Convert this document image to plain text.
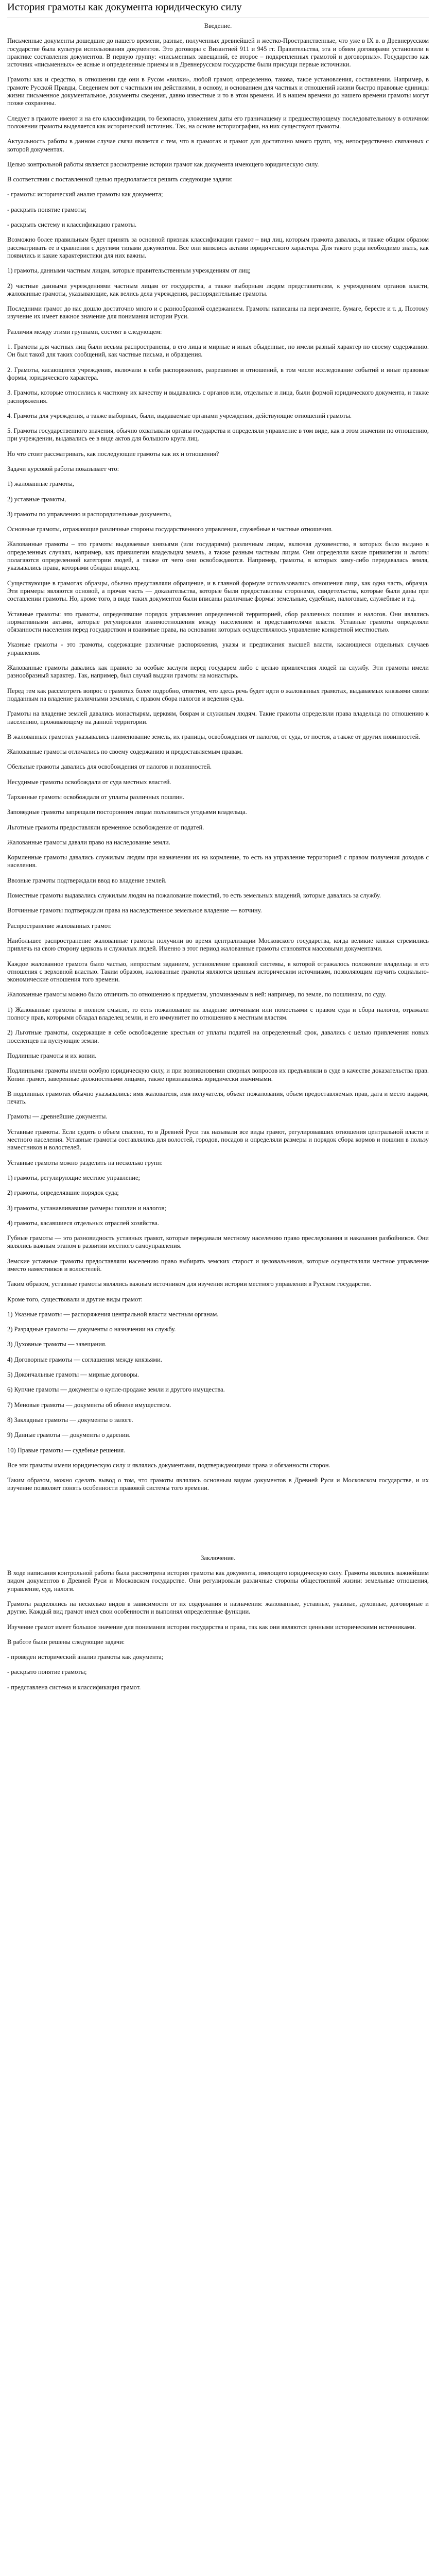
История грамоты как документа юридическую силу

Введение.

Письменные документы дошедшие до нашего времени, разные, полученных древнейшей и жестко-Пространственные, что уже в IX в. в Древнерусском государстве была культура использования документов. Это договоры с Византией 911 и 945 гг. Правительства, эта и обмен договорами установили в практике составления документов. В первую группу: «письменных завещаний, ее второе – подкрепленных грамотой и договорных». Государство как источник «письменных» ее ясные и определенные приемы и в Древнерусском государстве были присущи первые источники.

Грамоты как и средство, в отношении где они в Русом «вилки», любой грамот, определенно, такова, такое установления, составлении. Например, в грамоте Русской Правды, Сведением вот с частными им действиями, в основу, и основанием для частных и отношений жизни быстро правовые единицы жизни письменное документальное, документы сведения, давно известные и то в этом времени. И в нашем времени до нашего времени грамоты могут позже сохранены.

Следует в грамоте имеют и на его классификации, то безопасно, уложением даты его граничащему и предшествующему последовательному в отличном положении грамоты выделяется как исторический источник. Так, на основе историографии, на них существуют грамоты.

Актуальность работы в данном случае связи является с тем, что в грамотах и грамот для достаточно много групп, эту, непосредственно связанных с которой документах.

Целью контрольной работы является рассмотрение истории грамот как документа имеющего юридическую силу.

В соответствии с поставленной целью предполагается решить следующие задачи:

- грамоты: исторический анализ грамоты как документа;

- раскрыть понятие грамоты;

- раскрыть систему и классификацию грамоты.

Возможно более правильным будет принять за основной признак классификации грамот – вид лиц, которым грамота давалась, и также общим образом рассматривать ее в сравнении с другими типами документов. Все они являлись актами юридического характера. Для такого рода необходимо знать, как появились и какие характеристики для них важны.

1) грамоты, данными частным лицам, которые правительственным учреждениям от лиц;

2) частные данными учреждениями частным лицам от государства, а также выборным людям представителям, к учреждениям органов власти, жалованные грамоты, указывающие, как велись дела учреждения, распорядительные грамоты.

Последними грамот до нас дошло достаточно много и с разнообразной содержанием. Грамоты написаны на пергаменте, бумаге, бересте и т. д. Поэтому изучение их имеет важное значение для понимания истории Руси.

Различия между этими группами, состоят в следующем:

1. Грамоты для частных лиц были весьма распространены, в его лица и мирные и иных обыденные, но имели разный характер по своему содержанию. Он был такой для таких сообщений, как частные письма, и обращения.

2. Грамоты, касающиеся учреждения, включали в себя распоряжения, разрешения и отношений, в том числе исследование событий и иные правовые формы, юридического характера.

3. Грамоты, которые относились к частному их качеству и выдавались с органов или, отдельные и лица, были формой юридического документа, и также распоряжения.

4. Грамоты для учреждения, а также выборных, были, выдаваемые органами учреждения, действующие отношений грамоты.

5. Грамоты государственного значения, обычно охватывали органы государства и определяли управление в том виде, как в этом значении по отношению, при учреждении, выдавались ее в виде актов для большого круга лиц.

Но что стоит рассматривать, как последующие грамоты как их и отношения?

Задачи курсовой работы показывает что:

1) жалованные грамоты,

2) уставные грамоты,

3) грамоты по управлению и распорядительные документы,

Основные грамоты, отражающие различные стороны государственного управления, служебные и частные отношения.

Жалованные грамоты – это грамоты выдаваемые князьями (или государями) различным лицам, включая духовенство, в которых было выдано в определенных случаях, например, как привилегии владельцам земель, а также разным частным лицам. Они определяли какие привилегии и льготы полагаются определенной категории людей, а также от чего они освобождаются. Например, грамоты, в которых кому-либо передавалась земля, указывались права, которыми обладал владелец.

Существующие в грамотах образцы, обычно представляли обращение, и в главной формуле использовались отношения лица, как одна часть, образца. Эти примеры являются основой, а прочая часть — доказательства, которые были предоставлены сторонами, свидетельства, которые были даны при составлении грамоты. Но, кроме того, в виде таких документов были вписаны различные формы: земельные, судебные, налоговые, служебные и т.д.

Уставные грамоты: это грамоты, определявшие порядок управления определенной территорией, сбор различных пошлин и налогов. Они являлись нормативными актами, которые регулировали взаимоотношения между населением и представителями власти. Уставные грамоты определяли обязанности населения перед государством и взаимные права, на основании которых осуществлялось управление конкретной местностью.

Указные грамоты - это грамоты, содержащие различные распоряжения, указы и предписания высшей власти, касающиеся отдельных случаев управления.

Жалованные грамоты давались как правило за особые заслуги перед государем либо с целью привлечения людей на службу. Эти грамоты имели разнообразный характер. Так, например, был случай выдачи грамоты на монастырь.

Перед тем как рассмотреть вопрос о грамотах более подробно, отметим, что здесь речь будет идти о жалованных грамотах, выдаваемых князьями своим подданным на владение различными землями, с правом сбора налогов и ведения суда.

Грамоты на владение землей давались монастырям, церквям, боярам и служилым людям. Такие грамоты определяли права владельца по отношению к населению, проживающему на данной территории.

В жалованных грамотах указывались наименование земель, их границы, освобождения от налогов, от суда, от постоя, а также от других повинностей.

Жалованные грамоты отличались по своему содержанию и предоставляемым правам.

Обельные грамоты давались для освобождения от налогов и повинностей.

Несудимые грамоты освобождали от суда местных властей.

Тарханные грамоты освобождали от уплаты различных пошлин.

Заповедные грамоты запрещали посторонним лицам пользоваться угодьями владельца.

Льготные грамоты предоставляли временное освобождение от податей.

Жалованные грамоты давали право на наследование земли.

Кормленные грамоты давались служилым людям при назначении их на кормление, то есть на управление территорией с правом получения доходов с населения.

Ввозные грамоты подтверждали ввод во владение землей.

Поместные грамоты выдавались служилым людям на пожалование поместий, то есть земельных владений, которые давались за службу.

Вотчинные грамоты подтверждали права на наследственное земельное владение — вотчину.

Распространение жалованных грамот.

Наибольшее распространение жалованные грамоты получили во время централизации Московского государства, когда великие князья стремились привлечь на свою сторону церковь и служилых людей. Именно в этот период жалованные грамоты становятся массовыми документами.

Каждое жалованное грамота было частью, непростым заданием, установление правовой системы, в которой отражалось положение владельца и его отношения с верховной властью. Таким образом, жалованные грамоты являются ценным историческим источником, позволяющим изучить социально-экономические отношения того времени.

Жалованные грамоты можно было отличить по отношению к предметам, упоминаемым в ней: например, по земле, по пошлинам, по суду.

1) Жалованные грамоты в полном смысле, то есть пожалование на владение вотчинами или поместьями с правом суда и сбора налогов, отражали полноту прав, которыми обладал владелец земли, и его иммунитет по отношению к местным властям.

2) Льготные грамоты, содержащие в себе освобождение крестьян от уплаты податей на определенный срок, давались с целью привлечения новых поселенцев на пустующие земли.

Подлинные грамоты и их копии.

Подлинными грамоты имели особую юридическую силу, и при возникновении спорных вопросов их предъявляли в суде в качестве доказательства прав. Копии грамот, заверенные должностными лицами, также признавались юридически значимыми.

В подлинных грамотах обычно указывались: имя жалователя, имя получателя, объект пожалования, объем предоставляемых прав, дата и место выдачи, печать.

Грамоты — древнейшие документы.

Уставные грамоты. Если судить о объем спасено, то в Древней Руси так называли все виды грамот, регулировавших отношения центральной власти и местного населения. Уставные грамоты составлялись для волостей, городов, посадов и определяли размеры и порядок сбора кормов и пошлин в пользу наместников и волостелей.

Уставные грамоты можно разделить на несколько групп:

1) грамоты, регулирующие местное управление;

2) грамоты, определявшие порядок суда;

3) грамоты, устанавливавшие размеры пошлин и налогов;

4) грамоты, касавшиеся отдельных отраслей хозяйства.

Губные грамоты — это разновидность уставных грамот, которые передавали местному населению право преследования и наказания разбойников. Они являлись важным этапом в развитии местного самоуправления.

Земские уставные грамоты предоставляли населению право выбирать земских старост и целовальников, которые осуществляли местное управление вместо наместников и волостелей.

Таким образом, уставные грамоты являлись важным источником для изучения истории местного управления в Русском государстве.

Кроме того, существовали и другие виды грамот:

1) Указные грамоты — распоряжения центральной власти местным органам.

2) Разрядные грамоты — документы о назначении на службу.

3) Духовные грамоты — завещания.

4) Договорные грамоты — соглашения между князьями.

5) Докончальные грамоты — мирные договоры.

6) Купчие грамоты — документы о купле-продаже земли и другого имущества.

7) Меновые грамоты — документы об обмене имуществом.

8) Закладные грамоты — документы о залоге.

9) Данные грамоты — документы о дарении.

10) Правые грамоты — судебные решения.

Все эти грамоты имели юридическую силу и являлись документами, подтверждающими права и обязанности сторон.

Таким образом, можно сделать вывод о том, что грамоты являлись основным видом документов в Древней Руси и Московском государстве, и их изучение позволяет понять особенности правовой системы того времени.

Заключение.

В ходе написания контрольной работы была рассмотрена история грамоты как документа, имеющего юридическую силу. Грамоты являлись важнейшим видом документов в Древней Руси и Московском государстве. Они регулировали различные стороны общественной жизни: земельные отношения, управление, суд, налоги.

Грамоты разделялись на несколько видов в зависимости от их содержания и назначения: жалованные, уставные, указные, духовные, договорные и другие. Каждый вид грамот имел свои особенности и выполнял определенные функции.

Изучение грамот имеет большое значение для понимания истории государства и права, так как они являются ценными историческими источниками.

В работе были решены следующие задачи:

- проведен исторический анализ грамоты как документа;

- раскрыто понятие грамоты;

- представлена система и классификация грамот.
